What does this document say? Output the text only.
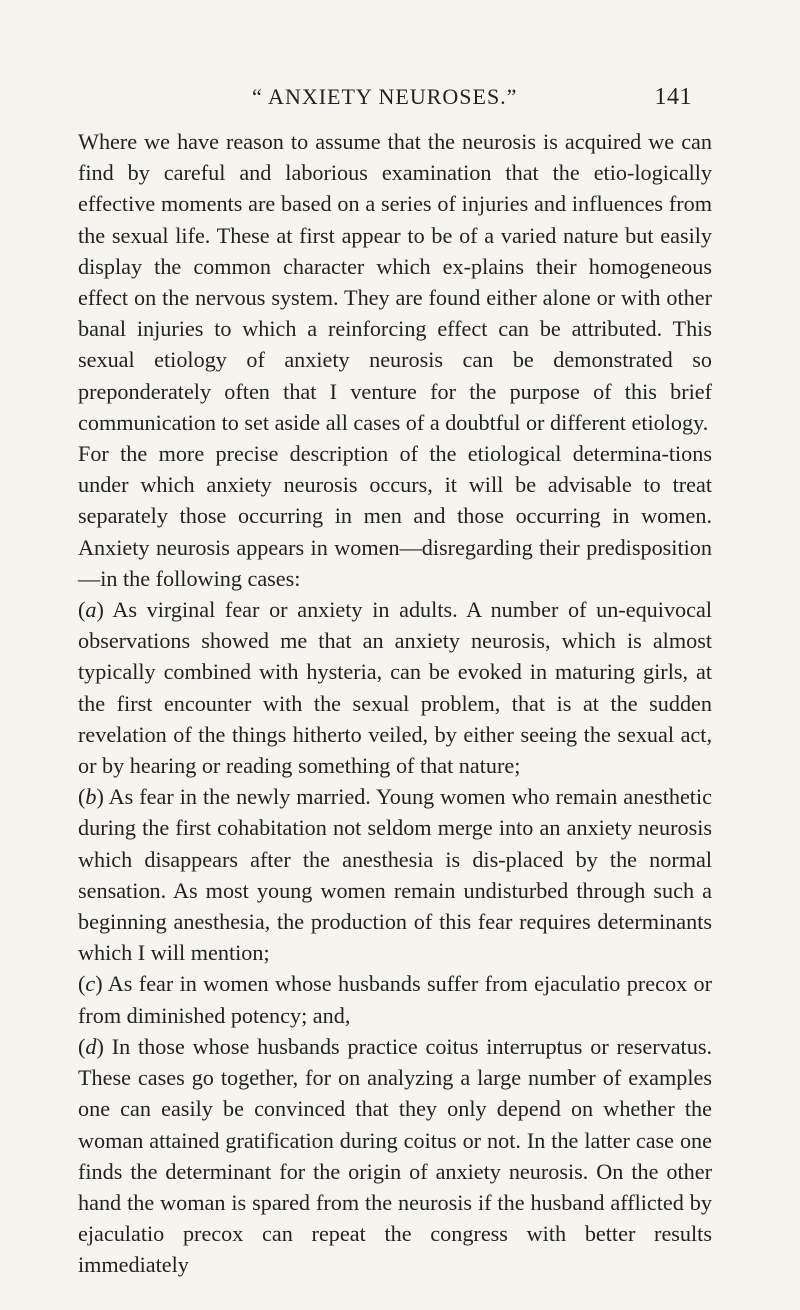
“ ANXIETY NEUROSES.”	141

Where we have reason to assume that the neurosis is acquired we can find by careful and laborious examination that the etio-logically effective moments are based on a series of injuries and influences from the sexual life. These at first appear to be of a varied nature but easily display the common character which ex-plains their homogeneous effect on the nervous system. They are found either alone or with other banal injuries to which a reinforcing effect can be attributed. This sexual etiology of anxiety neurosis can be demonstrated so preponderately often that I venture for the purpose of this brief communication to set aside all cases of a doubtful or different etiology.

For the more precise description of the etiological determina-tions under which anxiety neurosis occurs, it will be advisable to treat separately those occurring in men and those occurring in women. Anxiety neurosis appears in women—disregarding their predisposition—in the following cases:

(a) As virginal fear or anxiety in adults. A number of un-equivocal observations showed me that an anxiety neurosis, which is almost typically combined with hysteria, can be evoked in maturing girls, at the first encounter with the sexual problem, that is at the sudden revelation of the things hitherto veiled, by either seeing the sexual act, or by hearing or reading something of that nature;

(b) As fear in the newly married. Young women who remain anesthetic during the first cohabitation not seldom merge into an anxiety neurosis which disappears after the anesthesia is dis-placed by the normal sensation. As most young women remain undisturbed through such a beginning anesthesia, the production of this fear requires determinants which I will mention;

(c) As fear in women whose husbands suffer from ejaculatio precox or from diminished potency; and,

(d) In those whose husbands practice coitus interruptus or reservatus. These cases go together, for on analyzing a large number of examples one can easily be convinced that they only depend on whether the woman attained gratification during coitus or not. In the latter case one finds the determinant for the origin of anxiety neurosis. On the other hand the woman is spared from the neurosis if the husband afflicted by ejaculatio precox can repeat the congress with better results immediately
